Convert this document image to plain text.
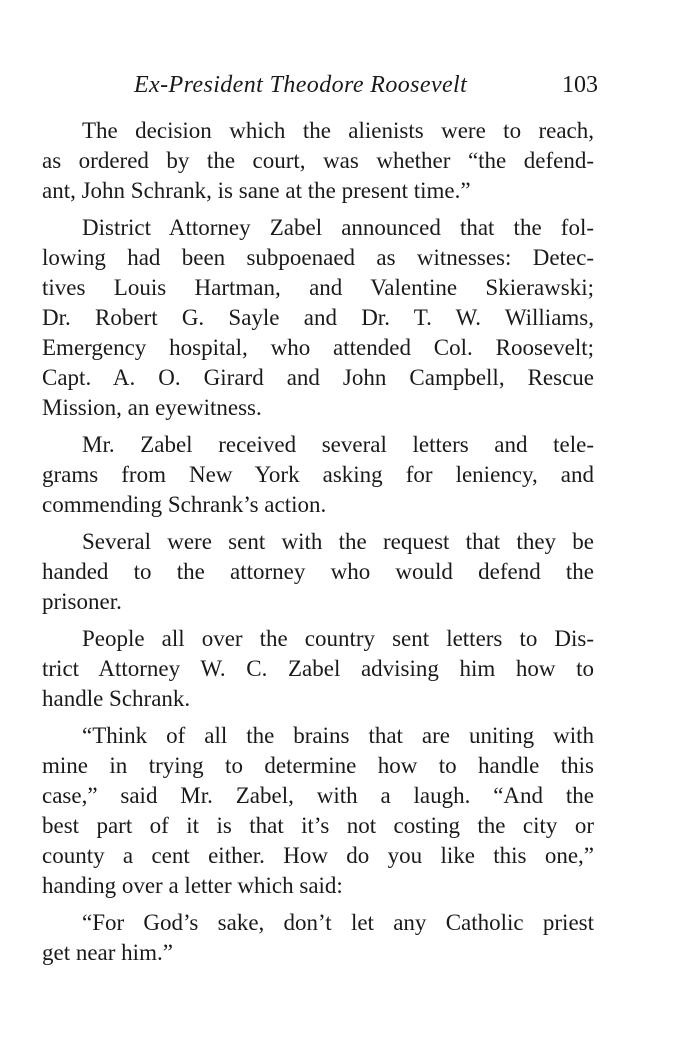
Ex-President Theodore Roosevelt	103

The decision which the alienists were to reach,
as ordered by the court, was whether “the defend-
ant, John Schrank, is sane at the present time.”

District Attorney Zabel announced that the fol-
lowing had been subpoenaed as witnesses: Detec-
tives Louis Hartman, and Valentine Skierawski;
Dr. Robert G. Sayle and Dr. T. W. Williams,
Emergency hospital, who attended Col. Roosevelt;
Capt. A. O. Girard and John Campbell, Rescue
Mission, an eyewitness.

Mr. Zabel received several letters and tele-
grams from New York asking for leniency, and
commending Schrank’s action.

Several were sent with the request that they be
handed to the attorney who would defend the
prisoner.

People all over the country sent letters to Dis-
trict Attorney W. C. Zabel advising him how to
handle Schrank.

“Think of all the brains that are uniting with
mine in trying to determine how to handle this
case,” said Mr. Zabel, with a laugh. “And the
best part of it is that it’s not costing the city or
county a cent either. How do you like this one,”
handing over a letter which said:

“For God’s sake, don’t let any Catholic priest
get near him.”
